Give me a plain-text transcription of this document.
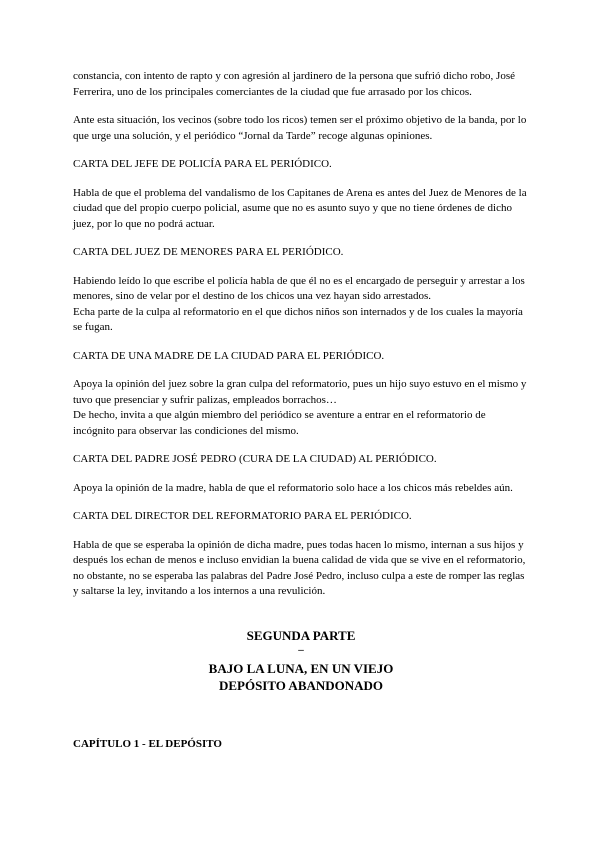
constancia, con intento de rapto y con agresión al jardinero de la persona que sufrió dicho robo, José Ferrerira, uno de los principales comerciantes de la ciudad que fue arrasado por los chicos.

Ante esta situación, los vecinos (sobre todo los ricos) temen ser el próximo objetivo de la banda, por lo que urge una solución, y el periódico “Jornal da Tarde” recoge algunas opiniones.

CARTA DEL JEFE DE POLICÍA PARA EL PERIÓDICO.

Habla de que el problema del vandalismo de los Capitanes de Arena es antes del Juez de Menores de la ciudad que del propio cuerpo policial, asume que no es asunto suyo y que no tiene órdenes de dicho juez, por lo que no podrá actuar.

CARTA DEL JUEZ DE MENORES PARA EL PERIÓDICO.

Habiendo leído lo que escribe el policía habla de que él no es el encargado de perseguir y arrestar a los menores, sino de velar por el destino de los chicos una vez hayan sido arrestados.

Echa parte de la culpa al reformatorio en el que dichos niños son internados y de los cuales la mayoría se fugan.

CARTA DE UNA MADRE DE LA CIUDAD PARA EL PERIÓDICO.

Apoya la opinión del juez sobre la gran culpa del reformatorio, pues un hijo suyo estuvo en el mismo y tuvo que presenciar y sufrir palizas, empleados borrachos…

De hecho, invita a que algún miembro del periódico se aventure a entrar en el reformatorio de incógnito para observar las condiciones del mismo.

CARTA DEL PADRE JOSÉ PEDRO (CURA DE LA CIUDAD) AL PERIÓDICO.

Apoya la opinión de la madre, habla de que el reformatorio solo hace a los chicos más rebeldes aún.

CARTA DEL DIRECTOR DEL REFORMATORIO PARA EL PERIÓDICO.

Habla de que se esperaba la opinión de dicha madre, pues todas hacen lo mismo, internan a sus hijos y después los echan de menos e incluso envidian la buena calidad de vida que se vive en el reformatorio, no obstante, no se esperaba las palabras del Padre José Pedro, incluso culpa a este de romper las reglas y saltarse la ley, invitando a los internos a una revulición.

SEGUNDA PARTE
–
BAJO LA LUNA, EN UN VIEJO
DEPÓSITO ABANDONADO
CAPÍTULO 1 - EL DEPÓSITO
